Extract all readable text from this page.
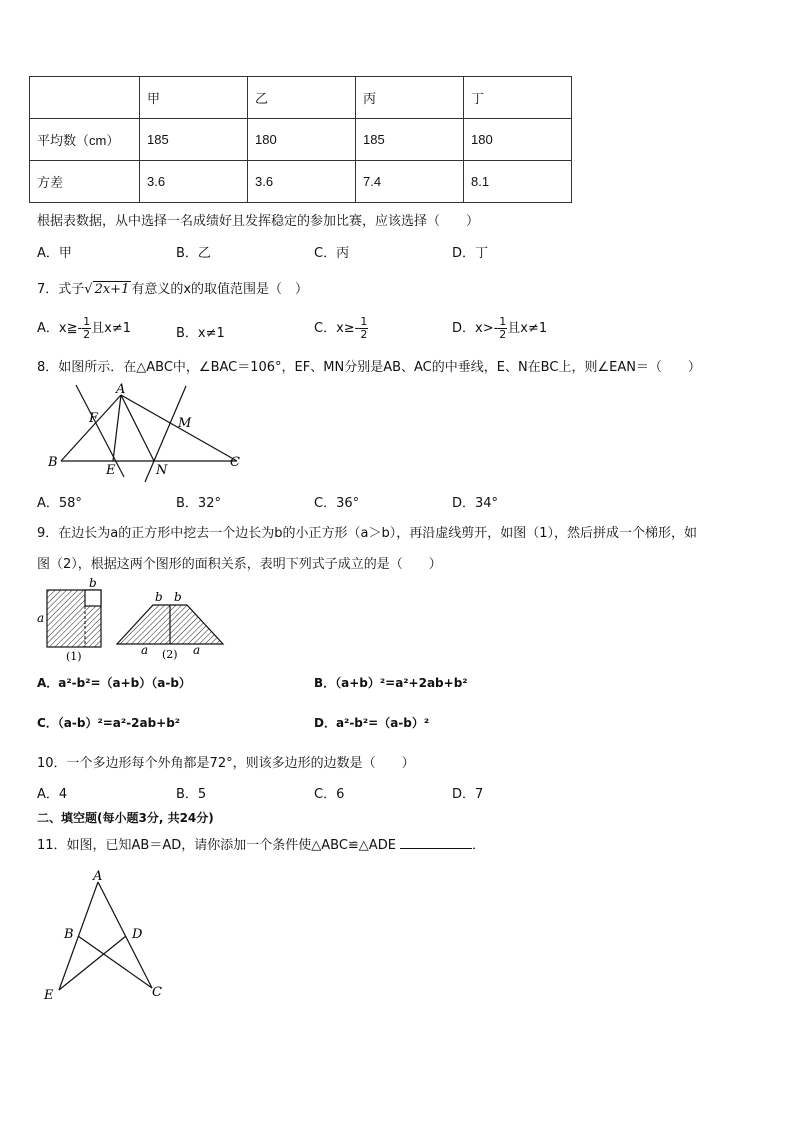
	甲	乙	丙	丁
平均数（cm）	185	180	185	180
方差	3.6	3.6	7.4	8.1
根据表数据，从中选择一名成绩好且发挥稳定的参加比赛，应该选择（　　）
A．甲	B．乙	C．丙	D．丁
7．式子√ 2x+1 有意义的x的取值范围是（　）
A．x≧- $\frac{1}{2}$ 且x≠1	B．x≠1	C．$x\ge- \frac{1}{2}$	D．$x>- \frac{1}{2}$ 且x≠1
8．如图所示．在△ABC中，∠BAC＝106°，EF、MN分别是AB、AC的中垂线，E、N在BC上，则∠EAN＝（　　）
A
B	C
E
F	M
N
A．58°	B．32°	C．36°	D．34°
9．在边长为a的正方形中挖去一个边长为b的小正方形（a＞b），再沿虚线剪开，如图（1），然后拼成一个梯形，如
图（2），根据这两个图形的面积关系，表明下列式子成立的是（　　）
b
a
(1)
b b
a	a
(2)
A．a²-b²=（a+b）（a-b）	B．（a+b）²=a²+2ab+b²
C．（a-b）²=a²-2ab+b²	D．a²-b²=（a-b）²
10．一个多边形每个外角都是72°，则该多边形的边数是（　　）
A．4	B．5	C．6	D．7
二、填空题(每小题3分, 共24分)
11．如图，已知AB＝AD，请你添加一个条件使△ABC≌△ADE	．
A
B	D
E	C
